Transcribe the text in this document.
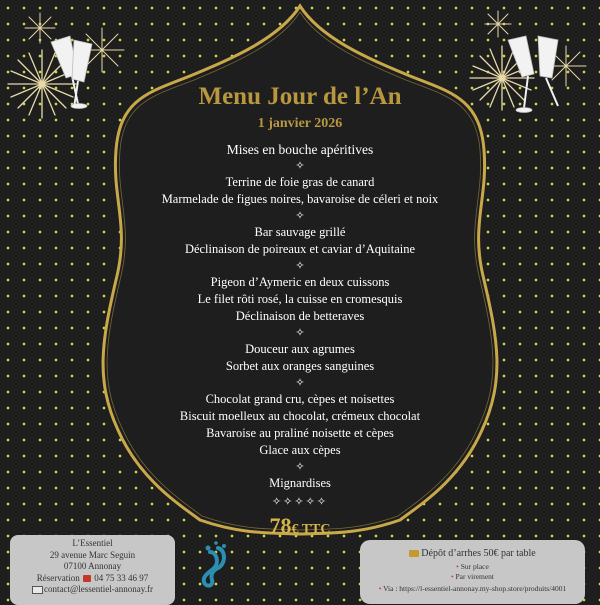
Menu Jour de l’An
1 janvier 2026
Mises en bouche apéritives
✧
Terrine de foie gras de canard
Marmelade de figues noires, bavaroise de céleri et noix
✧
Bar sauvage grillé
Déclinaison de poireaux et caviar d’Aquitaine
✧
Pigeon d’Aymeric en deux cuissons
Le filet rôti rosé, la cuisse en cromesquis
Déclinaison de betteraves
✧
Douceur aux agrumes
Sorbet aux oranges sanguines
✧
Chocolat grand cru, cèpes et noisettes
Biscuit moelleux au chocolat, crémeux chocolat
Bavaroise au praliné noisette et cèpes
Glace aux cèpes
✧
Mignardises
✧✧✧✧✧
78€ TTC
L’Essentiel
29 avenue Marc Seguin
07100 Annonay
Réservation 04 75 33 46 97
contact@lessentiel-annonay.fr
Dépôt d’arrhes 50€ par table
• Sur place
• Par virement
• Via : https://l-essentiel-annonay.my-shop.store/produits/4001
